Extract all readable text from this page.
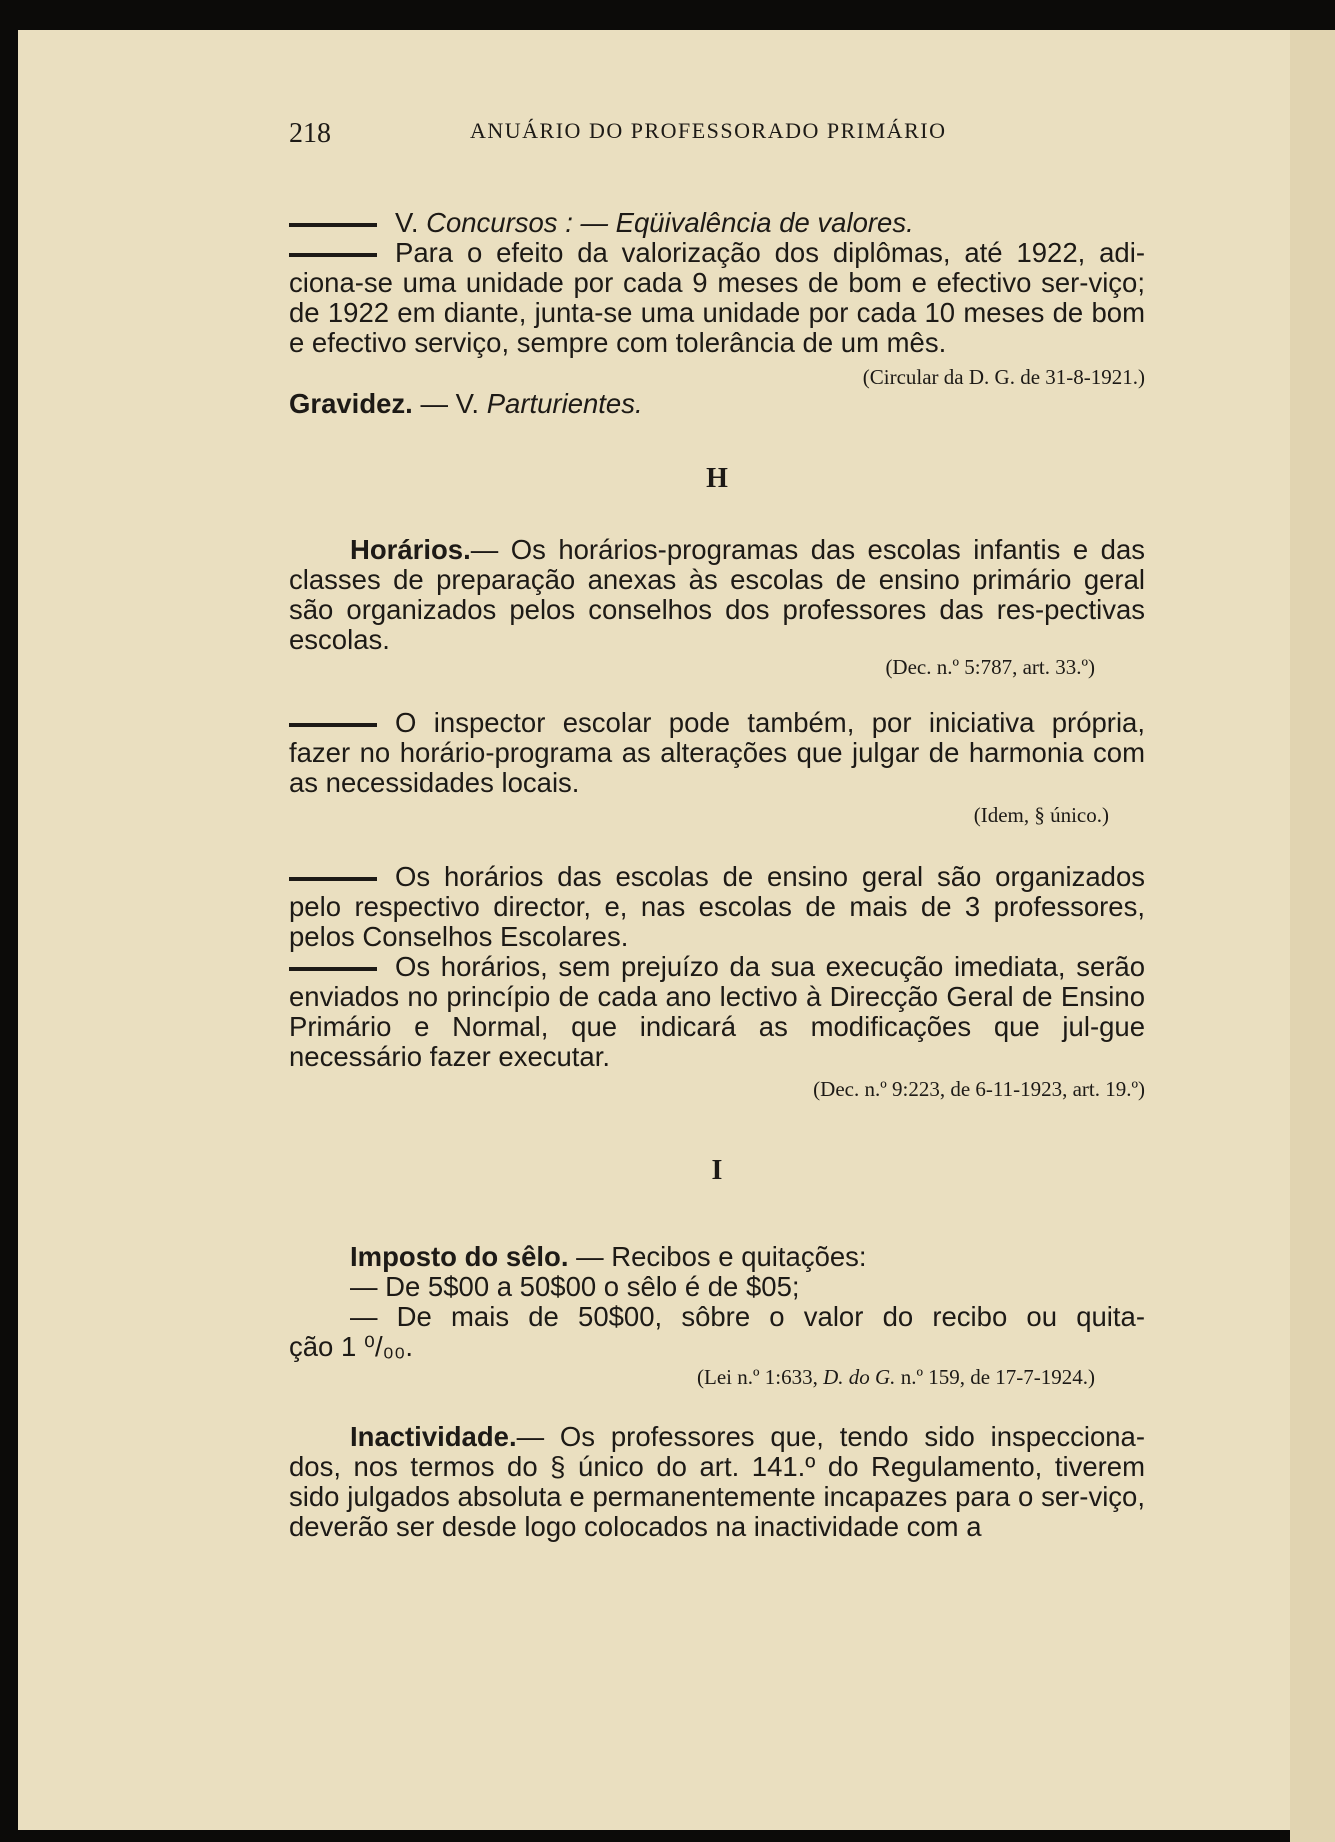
218	ANUÁRIO DO PROFESSORADO PRIMÁRIO

V. Concursos : — Eqüivalência de valores.

Para o efeito da valorização dos diplômas, até 1922, adi-

ciona-se uma unidade por cada 9 meses de bom e efectivo ser-viço; de 1922 em diante, junta-se uma unidade por cada 10 meses de bom e efectivo serviço, sempre com tolerância de um mês.

(Circular da D. G. de 31-8-1921.)

Gravidez. — V. Parturientes.

H

Horários.— Os horários-programas das escolas infantis e das classes de preparação anexas às escolas de ensino primário geral são organizados pelos conselhos dos professores das res-pectivas escolas.

(Dec. n.º 5:787, art. 33.º)

O inspector escolar pode também, por iniciativa própria,

fazer no horário-programa as alterações que julgar de harmonia com as necessidades locais.

(Idem, § único.)

Os horários das escolas de ensino geral são organizados

pelo respectivo director, e, nas escolas de mais de 3 professores, pelos Conselhos Escolares.

Os horários, sem prejuízo da sua execução imediata, serão

enviados no princípio de cada ano lectivo à Direcção Geral de Ensino Primário e Normal, que indicará as modificações que jul-gue necessário fazer executar.

(Dec. n.º 9:223, de 6-11-1923, art. 19.º)

I

Imposto do sêlo. — Recibos e quitações:

— De 5$00 a 50$00 o sêlo é de $05;

— De mais de 50$00, sôbre o valor do recibo ou quita-

ção 1 ⁰/₀₀.

(Lei n.º 1:633, D. do G. n.º 159, de 17-7-1924.)

Inactividade.— Os professores que, tendo sido inspecciona-dos, nos termos do § único do art. 141.º do Regulamento, tiverem sido julgados absoluta e permanentemente incapazes para o ser-viço, deverão ser desde logo colocados na inactividade com a
